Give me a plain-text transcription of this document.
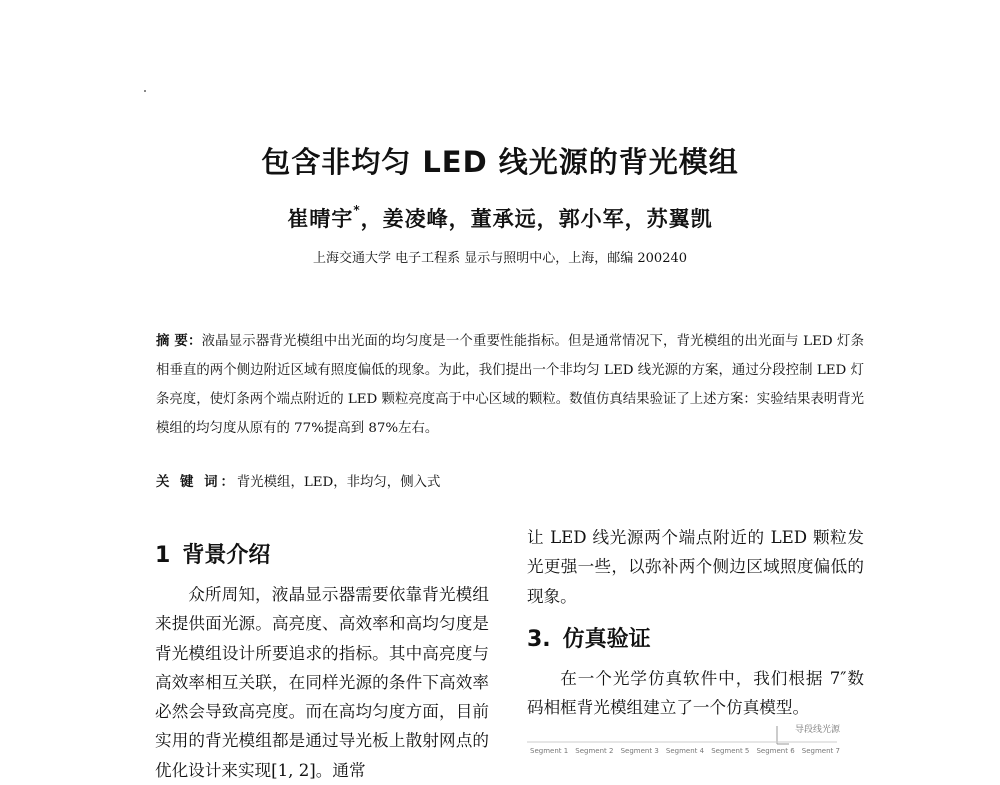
包含非均匀 LED 线光源的背光模组
崔晴宇*，姜凌峰，董承远，郭小军，苏翼凯
上海交通大学 电子工程系 显示与照明中心，上海，邮编 200240
摘 要：液晶显示器背光模组中出光面的均匀度是一个重要性能指标。但是通常情况下，背光模组的出光面与 LED 灯条相垂直的两个侧边附近区域有照度偏低的现象。为此，我们提出一个非均匀 LED 线光源的方案，通过分段控制 LED 灯条亮度，使灯条两个端点附近的 LED 颗粒亮度高于中心区域的颗粒。数值仿真结果验证了上述方案：实验结果表明背光模组的均匀度从原有的 77%提高到 87%左右。
关 键 词：背光模组，LED，非均匀，侧入式
1 背景介绍
众所周知，液晶显示器需要依靠背光模组来提供面光源。高亮度、高效率和高均匀度是背光模组设计所要追求的指标。其中高亮度与高效率相互关联，在同样光源的条件下高效率必然会导致高亮度。而在高均匀度方面，目前实用的背光模组都是通过导光板上散射网点的优化设计来实现[1, 2]。通常
让 LED 线光源两个端点附近的 LED 颗粒发光更强一些，以弥补两个侧边区域照度偏低的现象。
3. 仿真验证
在一个光学仿真软件中，我们根据 7″数码相框背光模组建立了一个仿真模型。
导段线光源
Segment 1 Segment 2 Segment 3 Segment 4 Segment 5 Segment 6 Segment 7
